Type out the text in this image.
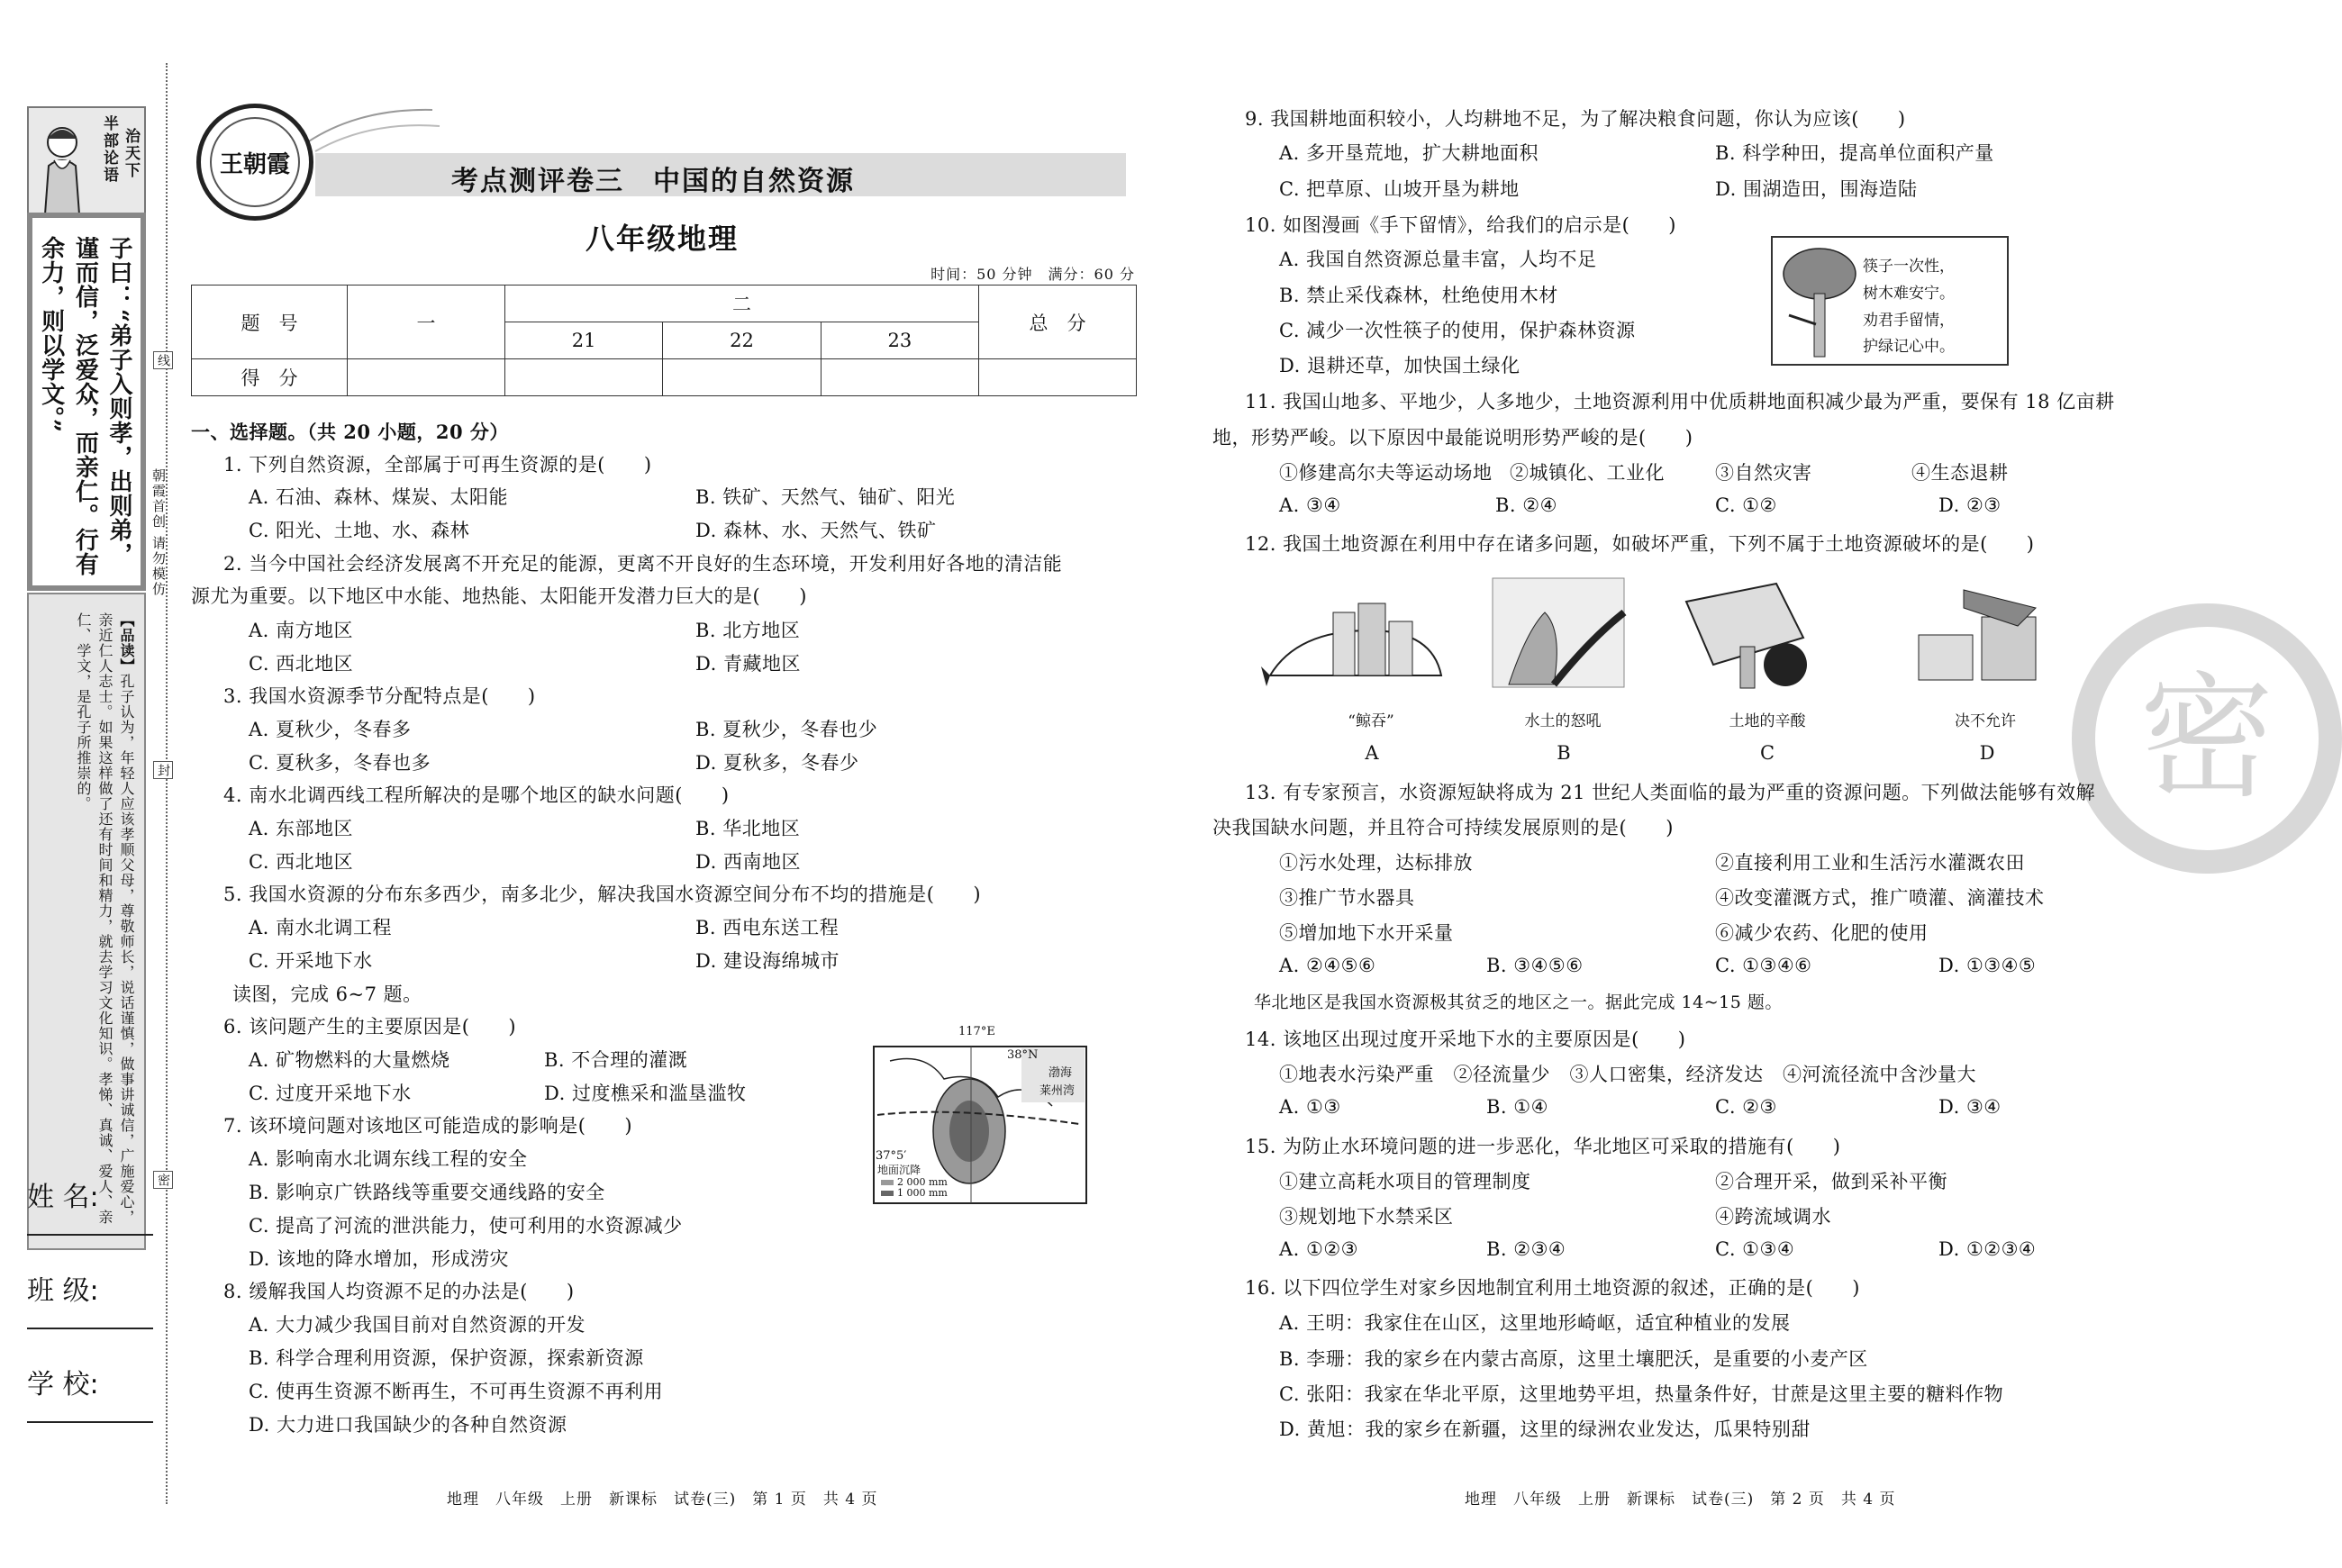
半部论语 治天下
子曰：“弟子入则孝，出则弟，谨而信，泛爱众，而亲仁。行有余力，则以学文。”
【品读】孔子认为，年轻人应该孝顺父母，尊敬师长，说话谨慎，做事讲诚信，广施爱心，亲近仁人志士。如果这样做了还有时间和精力，就去学习文化知识。孝悌、真诚、爱人、亲仁、学文，是孔子所推崇的。
姓 名:
班 级:
学 校:
线
封
密
朝霞首创 请勿模仿
王朝霞
考点测评卷三　中国的自然资源
八年级地理
时间：50 分钟　满分：60 分
题　号	一	二			总　分
		21	22	23	
得　分					
一、选择题。（共 20 小题，20 分）
1. 下列自然资源，全部属于可再生资源的是(　　)
A. 石油、森林、煤炭、太阳能	B. 铁矿、天然气、铀矿、阳光
C. 阳光、土地、水、森林	D. 森林、水、天然气、铁矿
2. 当今中国社会经济发展离不开充足的能源，更离不开良好的生态环境，开发利用好各地的清洁能
源尤为重要。以下地区中水能、地热能、太阳能开发潜力巨大的是(　　)
A. 南方地区	B. 北方地区
C. 西北地区	D. 青藏地区
3. 我国水资源季节分配特点是(　　)
A. 夏秋少，冬春多	B. 夏秋少，冬春也少
C. 夏秋多，冬春也多	D. 夏秋多，冬春少
4. 南水北调西线工程所解决的是哪个地区的缺水问题(　　)
A. 东部地区	B. 华北地区
C. 西北地区	D. 西南地区
5. 我国水资源的分布东多西少，南多北少，解决我国水资源空间分布不均的措施是(　　)
A. 南水北调工程	B. 西电东送工程
C. 开采地下水	D. 建设海绵城市
读图，完成 6~7 题。
6. 该问题产生的主要原因是(　　)
A. 矿物燃料的大量燃烧	B. 不合理的灌溉
C. 过度开采地下水	D. 过度樵采和滥垦滥牧
7. 该环境问题对该地区可能造成的影响是(　　)
A. 影响南水北调东线工程的安全
B. 影响京广铁路线等重要交通线路的安全
C. 提高了河流的泄洪能力，使可利用的水资源减少
D. 该地的降水增加，形成涝灾
8. 缓解我国人均资源不足的办法是(　　)
A. 大力减少我国目前对自然资源的开发
B. 科学合理利用资源，保护资源，探索新资源
C. 使再生资源不断再生，不可再生资源不再利用
D. 大力进口我国缺少的各种自然资源
117°E
38°N
37°5′
渤海
莱州湾
地面沉降
2 000 mm
1 000 mm
地理　八年级　上册　新课标　试卷(三)　第 1 页　共 4 页
密
9. 我国耕地面积较小，人均耕地不足，为了解决粮食问题，你认为应该(　　)
A. 多开垦荒地，扩大耕地面积	B. 科学种田，提高单位面积产量
C. 把草原、山坡开垦为耕地	D. 围湖造田，围海造陆
10. 如图漫画《手下留情》，给我们的启示是(　　)
A. 我国自然资源总量丰富，人均不足
B. 禁止采伐森林，杜绝使用木材
C. 减少一次性筷子的使用，保护森林资源
D. 退耕还草，加快国土绿化
筷子一次性，
树木难安宁。
劝君手留情，
护绿记心中。
11. 我国山地多、平地少，人多地少，土地资源利用中优质耕地面积减少最为严重，要保有 18 亿亩耕
地，形势严峻。以下原因中最能说明形势严峻的是(　　)
①修建高尔夫等运动场地 ②城镇化、工业化	③自然灾害	④生态退耕
A. ③④	B. ②④	C. ①②	D. ②③
12. 我国土地资源在利用中存在诸多问题，如破坏严重，下列不属于土地资源破坏的是(　　)
“鲸吞”	水土的怒吼	土地的辛酸	决不允许
A	B	C	D
13. 有专家预言，水资源短缺将成为 21 世纪人类面临的最为严重的资源问题。下列做法能够有效解
决我国缺水问题，并且符合可持续发展原则的是(　　)
①污水处理，达标排放	②直接利用工业和生活污水灌溉农田
③推广节水器具	④改变灌溉方式，推广喷灌、滴灌技术
⑤增加地下水开采量	⑥减少农药、化肥的使用
A. ②④⑤⑥	B. ③④⑤⑥	C. ①③④⑥	D. ①③④⑤
华北地区是我国水资源极其贫乏的地区之一。据此完成 14~15 题。
14. 该地区出现过度开采地下水的主要原因是(　　)
①地表水污染严重　②径流量少　③人口密集，经济发达　④河流径流中含沙量大
A. ①③	B. ①④	C. ②③	D. ③④
15. 为防止水环境问题的进一步恶化，华北地区可采取的措施有(　　)
①建立高耗水项目的管理制度	②合理开采，做到采补平衡
③规划地下水禁采区	④跨流域调水
A. ①②③	B. ②③④	C. ①③④	D. ①②③④
16. 以下四位学生对家乡因地制宜利用土地资源的叙述，正确的是(　　)
A. 王明：我家住在山区，这里地形崎岖，适宜种植业的发展
B. 李珊：我的家乡在内蒙古高原，这里土壤肥沃，是重要的小麦产区
C. 张阳：我家在华北平原，这里地势平坦，热量条件好，甘蔗是这里主要的糖料作物
D. 黄旭：我的家乡在新疆，这里的绿洲农业发达，瓜果特别甜
地理　八年级　上册　新课标　试卷(三)　第 2 页　共 4 页
